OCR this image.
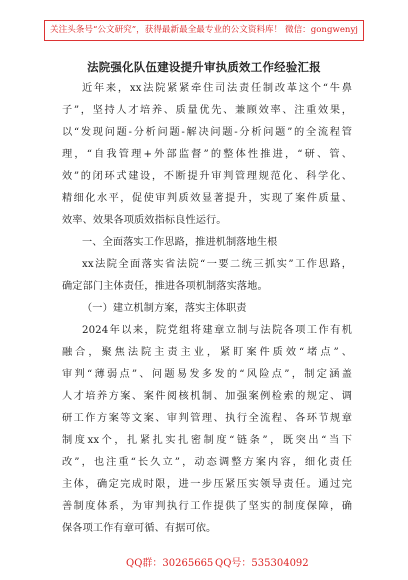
关注头条号“公文研究”，获得最新最全最专业的公文资料库！ 微信：gongwenyj
法院强化队伍建设提升审执质效工作经验汇报
近年来，xx法院紧紧牵住司法责任制改革这个“牛鼻
子”，坚持人才培养、质量优先、兼顾效率、注重效果，
以“发现问题-分析问题-解决问题-分析问题”的全流程管
理，“自我管理+外部监督”的整体性推进，“研、管、
效”的闭环式建设，不断提升审判管理规范化、科学化、
精细化水平，促使审判质效显著提升，实现了案件质量、
效率、效果各项质效指标良性运行。
一、全面落实工作思路，推进机制落地生根
xx法院全面落实省法院“一要二统三抓实”工作思路，
确定部门主体责任，推进各项机制落实落地。
（一）建立机制方案，落实主体职责
2024年以来，院党组将建章立制与法院各项工作有机
融合，聚焦法院主责主业，紧盯案件质效“堵点”、
审判“薄弱点”、问题易发多发的“风险点”，制定涵盖
人才培养方案、案件阅核机制、加强案例检索的规定、调
研工作方案等文案、审判管理、执行全流程、各环节规章
制度xx个，扎紧扎实扎密制度“链条”，既突出“当下
改”，也注重“长久立”，动态调整方案内容，细化责任
主体，确定完成时限，进一步压紧压实领导责任。通过完
善制度体系，为审判执行工作提供了坚实的制度保障，确
保各项工作有章可循、有据可依。
QQ群：30265665 QQ号：535304092
